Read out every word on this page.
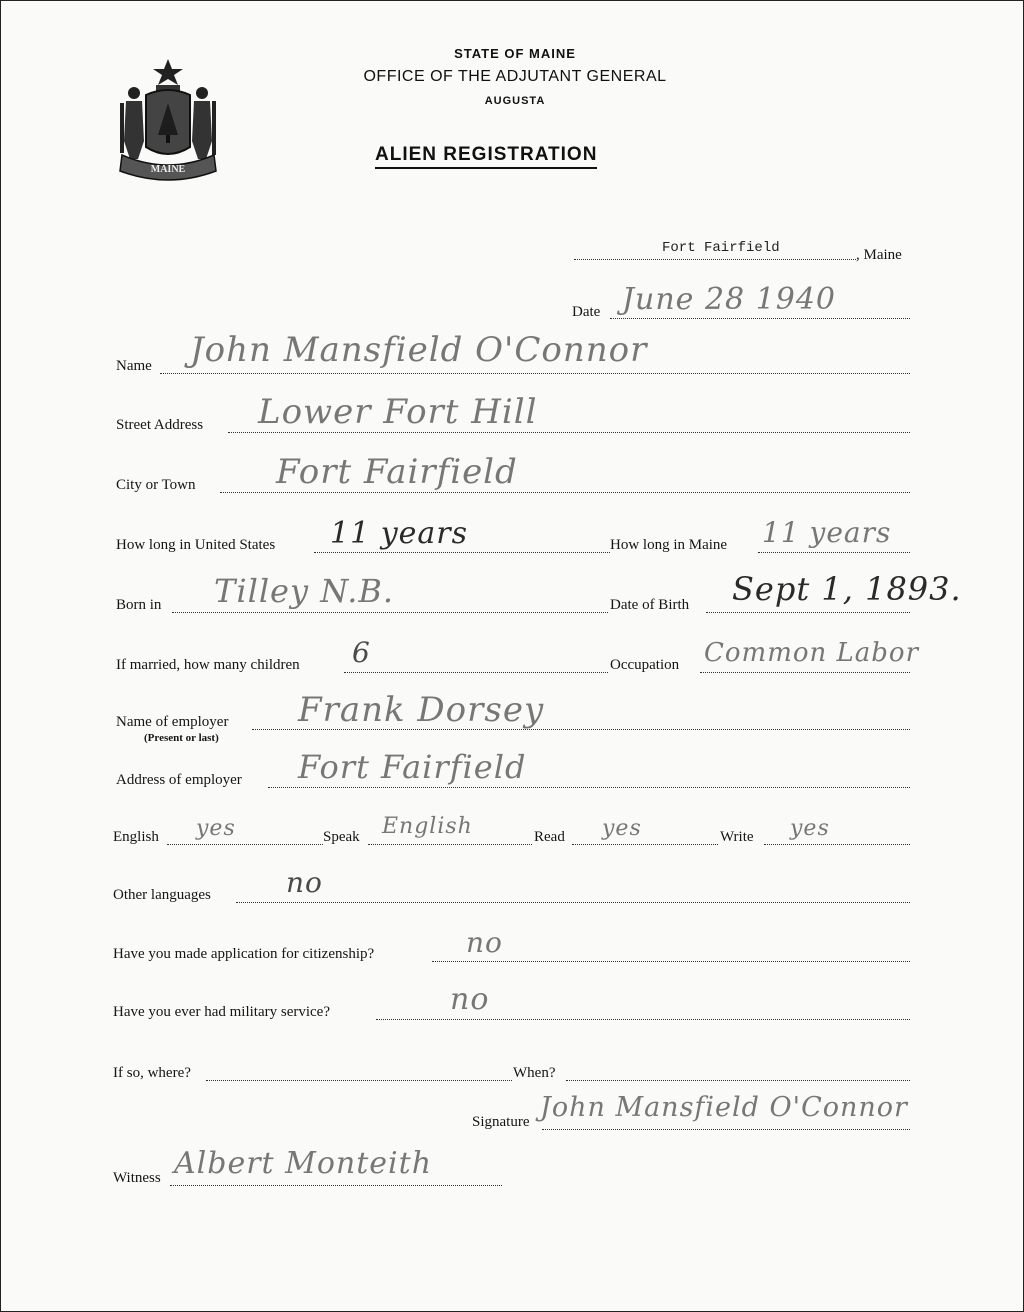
MAINE
STATE OF MAINE
OFFICE OF THE ADJUTANT GENERAL
AUGUSTA
ALIEN REGISTRATION
Fort Fairfield	, Maine
Date June 28 1940
Name John Mansfield O'Connor
Street Address Lower Fort Hill
City or Town Fort Fairfield
How long in United States 11 years	How long in Maine 11 years
Born in Tilley N.B.	Date of Birth Sept 1, 1893.
If married, how many children 6	Occupation Common Labor
Name of employer
(Present or last)
Frank Dorsey
Address of employer Fort Fairfield
English yes	Speak English	Read yes	Write yes
Other languages	no
Have you made application for citizenship?	no
Have you ever had military service?	no
If so, where?	When?
Signature John Mansfield O'Connor
Witness Albert Monteith
